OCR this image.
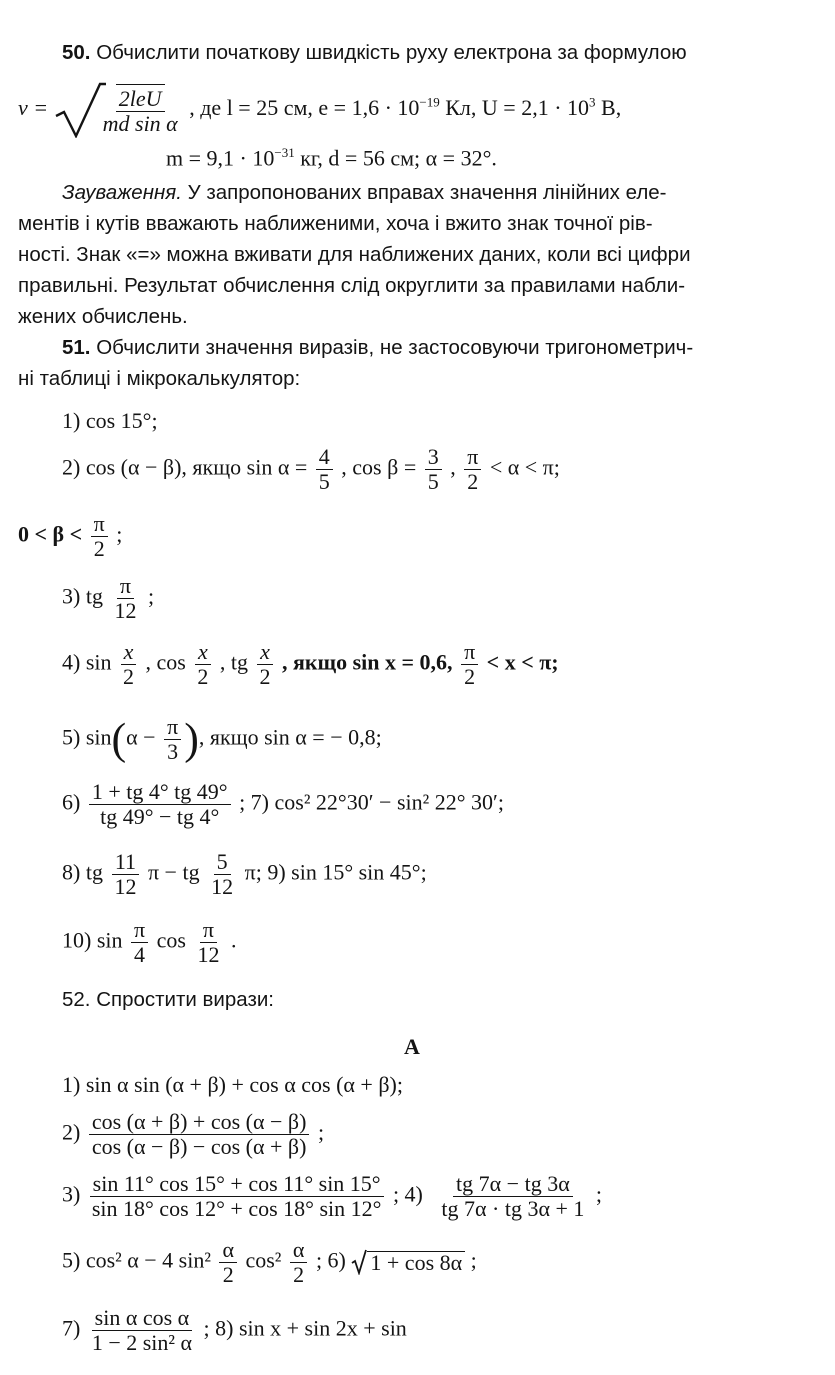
50. Обчислити початкову швидкість руху електрона за формулою
$v = \frac{\text{2leU}}{\text{md sin α}}$ , де l = 25 см, $e = 1,6 \cdot 10^{-19}$ Кл, $U = 2,1 \cdot 10^3$ В,
$m = 9,1 \cdot 10^{-31}$ кг, d = 56 см; α = 32°.
Зауваження. У запропонованих вправах значення лінійних еле-
ментів і кутів вважають наближеними, хоча і вжито знак точної рів-
ності. Знак «=» можна вживати для наближених даних, коли всі цифри
правильні. Результат обчислення слід округлити за правилами набли-
жених обчислень.
51. Обчислити значення виразів, не застосовуючи тригонометрич-
ні таблиці і мікрокалькулятор:
1) cos 15°;
2) cos (α − β), якщо $\sin \alpha = \frac{4}{5}$ , $\cos \beta = \frac{3}{5}$ , $\frac{\pi}{2} < \alpha < \pi$;
$0 < \beta < \frac{\pi}{2}$ ;
3) tg $\frac{\pi}{12}$ ;
4) $\sin \frac{x}{2}$ , $\cos \frac{x}{2}$ , tg $\frac{x}{2}$ , якщо sin x = 0,6, $\frac{\pi}{2} < x < \pi$;
5) $\sin(\alpha - \frac{\pi}{3}$ ), якщо sin α = − 0,8;
$6) \frac{1 + tg 4^\circ tg 49^\circ}{tg 49^\circ - tg 4^\circ}$ ; 7) cos² 22°30′ − sin² 22° 30′;
8) tg $\frac{11}{12}$ π − tg $\frac{5}{12} \pi$; 9) sin 15° sin 45°;
10) $\sin \frac{\pi}{4}$ $\cos \frac{\pi}{12}$ .
52. Спростити вирази:
А
1) sin α sin (α + β) + cos α cos (α + β);
$2) \frac{\cos (\alpha + \beta) + \cos (\alpha - \beta)}{\cos (\alpha - \beta) - \cos (\alpha + \beta)}$ ;
$3) \frac{\sin 11^\circ \cos 15^\circ + \cos 11^\circ \sin 15^\circ}{\sin 18^\circ \cos 12^\circ + \cos 18^\circ \sin 12^\circ}$ ; $4) \frac{tg 7\alpha - tg 3\alpha}{tg 7\alpha \cdot tg 3\alpha + 1}$ ;
5) cos² α − 4 $\sin^2 \frac{\alpha}{2} \cos^2 \frac{\alpha}{2}$ ; 6) 1 + cos 8α ;
$7) \frac{\text{sin α cos α}}{\text{1 − 2 sin² α}}$ ; 8) sin x + sin 2x + sin
